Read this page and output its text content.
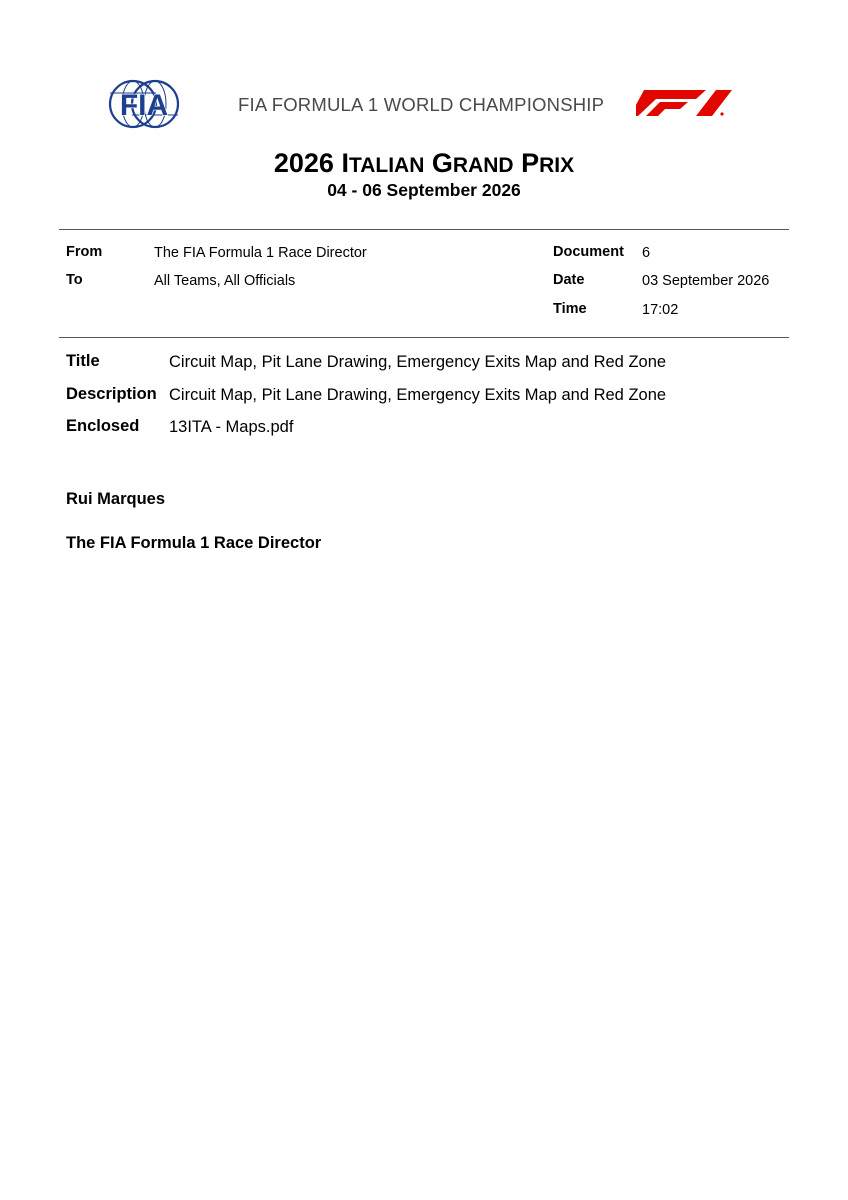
FIA	FIA FORMULA 1 WORLD CHAMPIONSHIP
2026 ITALIAN GRAND PRIX
04 - 06 September 2026
From	The FIA Formula 1 Race Director
To	All Teams, All Officials
Document 6
Date	03 September 2026
Time	17:02
Title	Circuit Map, Pit Lane Drawing, Emergency Exits Map and Red Zone
Description Circuit Map, Pit Lane Drawing, Emergency Exits Map and Red Zone
Enclosed 13ITA - Maps.pdf
Rui Marques
The FIA Formula 1 Race Director
